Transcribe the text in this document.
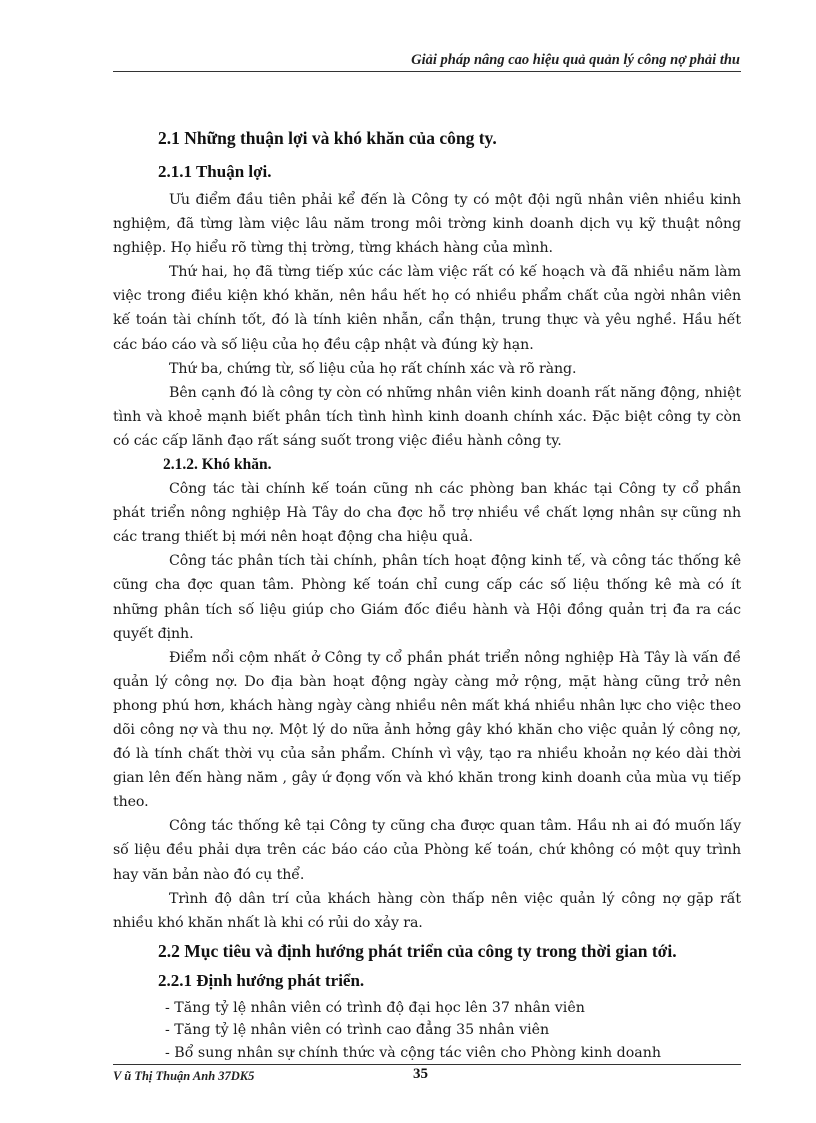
Giải pháp nâng cao hiệu quả quản lý công nợ phải thu
2.1 Những thuận lợi và khó khăn của công ty.
2.1.1 Thuận lợi.

Ưu điểm đầu tiên phải kể đến là Công ty có một đội ngũ nhân viên nhiều kinh nghiệm, đã từng làm việc lâu năm trong môi trờng kinh doanh dịch vụ kỹ thuật nông nghiệp. Họ hiểu rõ từng thị trờng, từng khách hàng của mình.

Thứ hai, họ đã từng tiếp xúc các làm việc rất có kế hoạch và đã nhiều năm làm việc trong điều kiện khó khăn, nên hầu hết họ có nhiều phẩm chất của ngời nhân viên kế toán tài chính tốt, đó là tính kiên nhẫn, cẩn thận, trung thực và yêu nghề. Hầu hết các báo cáo và số liệu của họ đều cập nhật và đúng kỳ hạn.

Thứ ba, chứng từ, số liệu của họ rất chính xác và rõ ràng.

Bên cạnh đó là công ty còn có những nhân viên kinh doanh rất năng động, nhiệt tình và khoẻ mạnh biết phân tích tình hình kinh doanh chính xác. Đặc biệt công ty còn có các cấp lãnh đạo rất sáng suốt trong việc điều hành công ty.

2.1.2. Khó khăn.

Công tác tài chính kế toán cũng nh các phòng ban khác tại Công ty cổ phần phát triển nông nghiệp Hà Tây do cha đợc hỗ trợ nhiều về chất lợng nhân sự cũng nh các trang thiết bị mới nên hoạt động cha hiệu quả.

Công tác phân tích tài chính, phân tích hoạt động kinh tế, và công tác thống kê cũng cha đợc quan tâm. Phòng kế toán chỉ cung cấp các số liệu thống kê mà có ít những phân tích số liệu giúp cho Giám đốc điều hành và Hội đồng quản trị đa ra các quyết định.

Điểm nổi cộm nhất ở Công ty cổ phần phát triển nông nghiệp Hà Tây là vấn đề quản lý công nợ. Do địa bàn hoạt động ngày càng mở rộng, mặt hàng cũng trở nên phong phú hơn, khách hàng ngày càng nhiều nên mất khá nhiều nhân lực cho việc theo dõi công nợ và thu nợ. Một lý do nữa ảnh hởng gây khó khăn cho việc quản lý công nợ, đó là tính chất thời vụ của sản phẩm. Chính vì vậy, tạo ra nhiều khoản nợ kéo dài thời gian lên đến hàng năm , gây ứ đọng vốn và khó khăn trong kinh doanh của mùa vụ tiếp theo.

Công tác thống kê tại Công ty cũng cha được quan tâm. Hầu nh ai đó muốn lấy số liệu đều phải dựa trên các báo cáo của Phòng kế toán, chứ không có một quy trình hay văn bản nào đó cụ thể.

Trình độ dân trí của khách hàng còn thấp nên việc quản lý công nợ gặp rất nhiều khó khăn nhất là khi có rủi do xảy ra.

2.2 Mục tiêu và định hướng phát triển của công ty trong thời gian tới.
2.2.1 Định hướng phát triển.
- Tăng tỷ lệ nhân viên có trình độ đại học lên 37 nhân viên
- Tăng tỷ lệ nhân viên có trình cao đẳng 35 nhân viên
- Bổ sung nhân sự chính thức và cộng tác viên cho Phòng kinh doanh
V ũ Thị Thuận Anh 37DK5	35
